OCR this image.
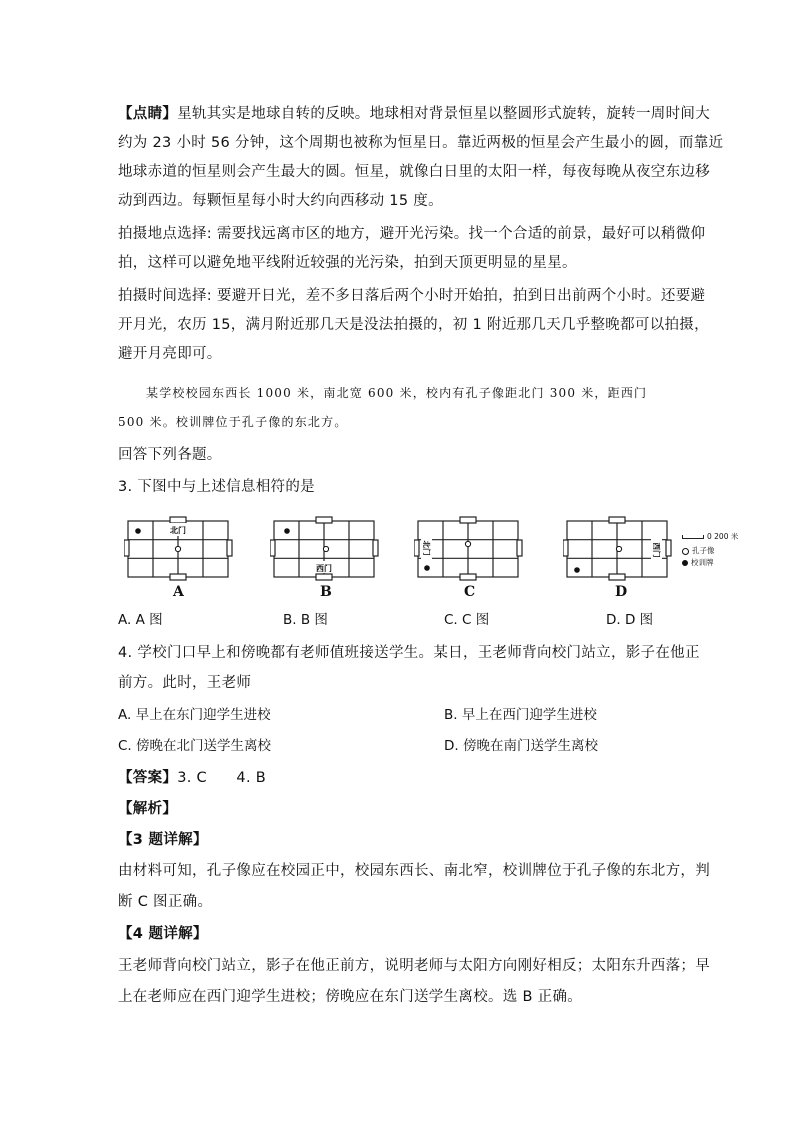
【点睛】星轨其实是地球自转的反映。地球相对背景恒星以整圆形式旋转，旋转一周时间大
约为 23 小时 56 分钟，这个周期也被称为恒星日。靠近两极的恒星会产生最小的圆，而靠近
地球赤道的恒星则会产生最大的圆。恒星，就像白日里的太阳一样，每夜每晚从夜空东边移
动到西边。每颗恒星每小时大约向西移动 15 度。
拍摄地点选择: 需要找远离市区的地方，避开光污染。找一个合适的前景，最好可以稍微仰
拍，这样可以避免地平线附近较强的光污染，拍到天顶更明显的星星。
拍摄时间选择: 要避开日光，差不多日落后两个小时开始拍，拍到日出前两个小时。还要避
开月光，农历 15，满月附近那几天是没法拍摄的，初 1 附近那几天几乎整晚都可以拍摄，
避开月亮即可。
某学校校园东西长 1000 米，南北宽 600 米，校内有孔子像距北门 300 米，距西门
500 米。校训牌位于孔子像的东北方。
回答下列各题。
3. 下图中与上述信息相符的是
北门
A
西门
B
北门
C
西门
D
0 200 米
孔子像
校训牌
A. A 图	B. B 图	C. C 图	D. D 图
4. 学校门口早上和傍晚都有老师值班接送学生。某日，王老师背向校门站立，影子在他正
前方。此时，王老师
A. 早上在东门迎学生进校	B. 早上在西门迎学生进校
C. 傍晚在北门送学生离校	D. 傍晚在南门送学生离校
【答案】3. C      4. B
【解析】
【3 题详解】
由材料可知，孔子像应在校园正中，校园东西长、南北窄，校训牌位于孔子像的东北方，判
断 C 图正确。
【4 题详解】
王老师背向校门站立，影子在他正前方，说明老师与太阳方向刚好相反；太阳东升西落；早
上在老师应在西门迎学生进校；傍晚应在东门送学生离校。选 B 正确。
